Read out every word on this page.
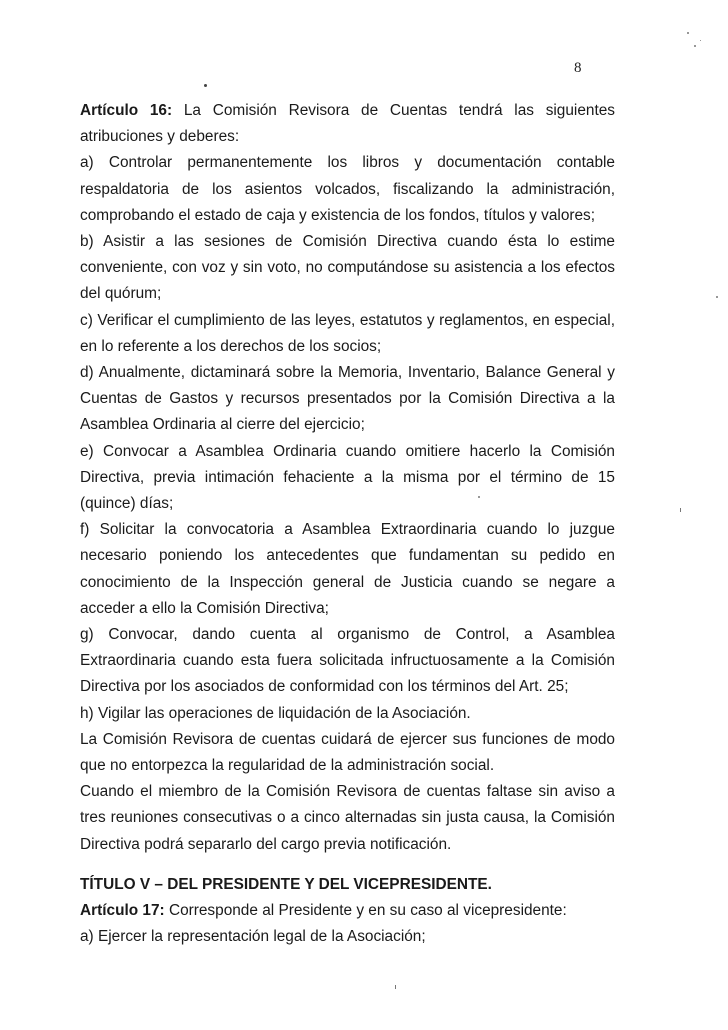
8

Artículo 16: La Comisión Revisora de Cuentas tendrá las siguientes atribuciones y deberes:

a) Controlar permanentemente los libros y documentación contable respaldatoria de los asientos volcados, fiscalizando la administración, comprobando el estado de caja y existencia de los fondos, títulos y valores;

b) Asistir a las sesiones de Comisión Directiva cuando ésta lo estime conveniente, con voz y sin voto, no computándose su asistencia a los efectos del quórum;

c) Verificar el cumplimiento de las leyes, estatutos y reglamentos, en especial, en lo referente a los derechos de los socios;

d) Anualmente, dictaminará sobre la Memoria, Inventario, Balance General y Cuentas de Gastos y recursos presentados por la Comisión Directiva a la Asamblea Ordinaria al cierre del ejercicio;

e) Convocar a Asamblea Ordinaria cuando omitiere hacerlo la Comisión Directiva, previa intimación fehaciente a la misma por el término de 15 (quince) días;

f) Solicitar la convocatoria a Asamblea Extraordinaria cuando lo juzgue necesario poniendo los antecedentes que fundamentan su pedido en conocimiento de la Inspección general de Justicia cuando se negare a acceder a ello la Comisión Directiva;

g) Convocar, dando cuenta al organismo de Control, a Asamblea Extraordinaria cuando esta fuera solicitada infructuosamente a la Comisión Directiva por los asociados de conformidad con los términos del Art. 25;

h) Vigilar las operaciones de liquidación de la Asociación.

La Comisión Revisora de cuentas cuidará de ejercer sus funciones de modo que no entorpezca la regularidad de la administración social.

Cuando el miembro de la Comisión Revisora de cuentas faltase sin aviso a tres reuniones consecutivas o a cinco alternadas sin justa causa, la Comisión Directiva podrá separarlo del cargo previa notificación.

TÍTULO V – DEL PRESIDENTE Y DEL VICEPRESIDENTE.

Artículo 17: Corresponde al Presidente y en su caso al vicepresidente:

a) Ejercer la representación legal de la Asociación;
